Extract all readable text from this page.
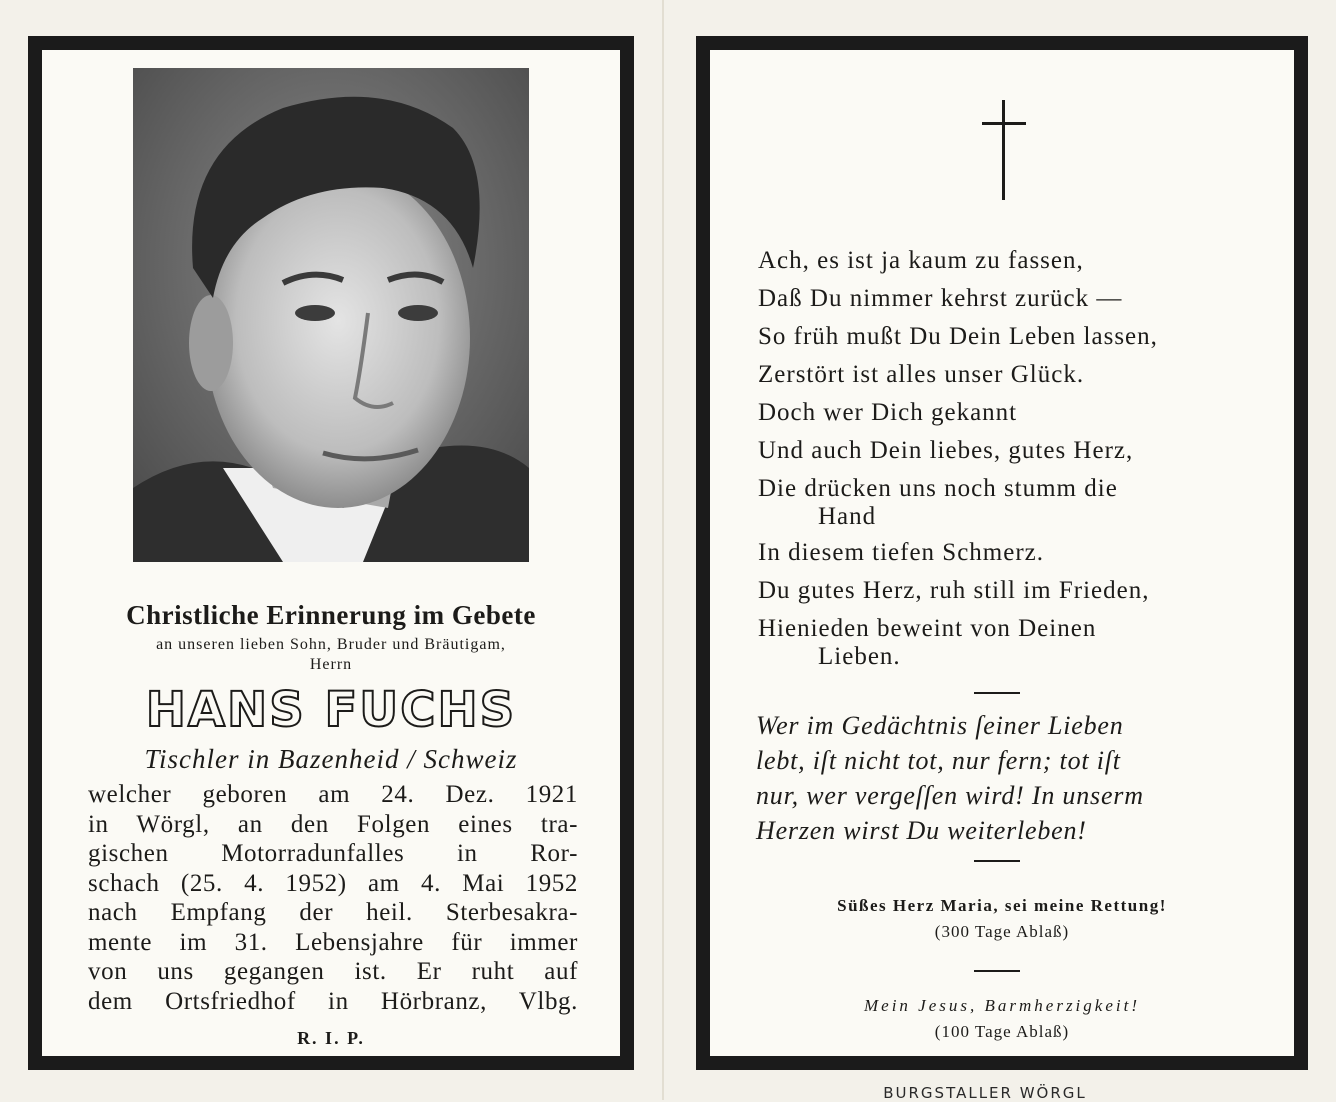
Christliche Erinnerung im Gebete
an unseren lieben Sohn, Bruder und Bräutigam,
Herrn
HANS FUCHS
Tischler in Bazenheid / Schweiz
welcher geboren am 24. Dez. 1921
in Wörgl, an den Folgen eines tra-
gischen Motorradunfalles in Ror-
schach (25. 4. 1952) am 4. Mai 1952
nach Empfang der heil. Sterbesakra-
mente im 31. Lebensjahre für immer
von uns gegangen ist. Er ruht auf
dem Ortsfriedhof in Hörbranz, Vlbg.
R. I. P.
Ach, es ist ja kaum zu fassen,
Daß Du nimmer kehrst zurück —
So früh mußt Du Dein Leben lassen,
Zerstört ist alles unser Glück.
Doch wer Dich gekannt
Und auch Dein liebes, gutes Herz,
Die drücken uns noch stumm die
Hand
In diesem tiefen Schmerz.
Du gutes Herz, ruh still im Frieden,
Hienieden beweint von Deinen
Lieben.
Wer im Gedächtnis ſeiner Lieben
lebt, iſt nicht tot, nur fern; tot iſt
nur, wer vergeſſen wird! In unserm
Herzen wirst Du weiterleben!
Süßes Herz Maria, sei meine Rettung!
(300 Tage Ablaß)
Mein Jesus, Barmherzigkeit!
(100 Tage Ablaß)
BURGSTALLER WÖRGL
